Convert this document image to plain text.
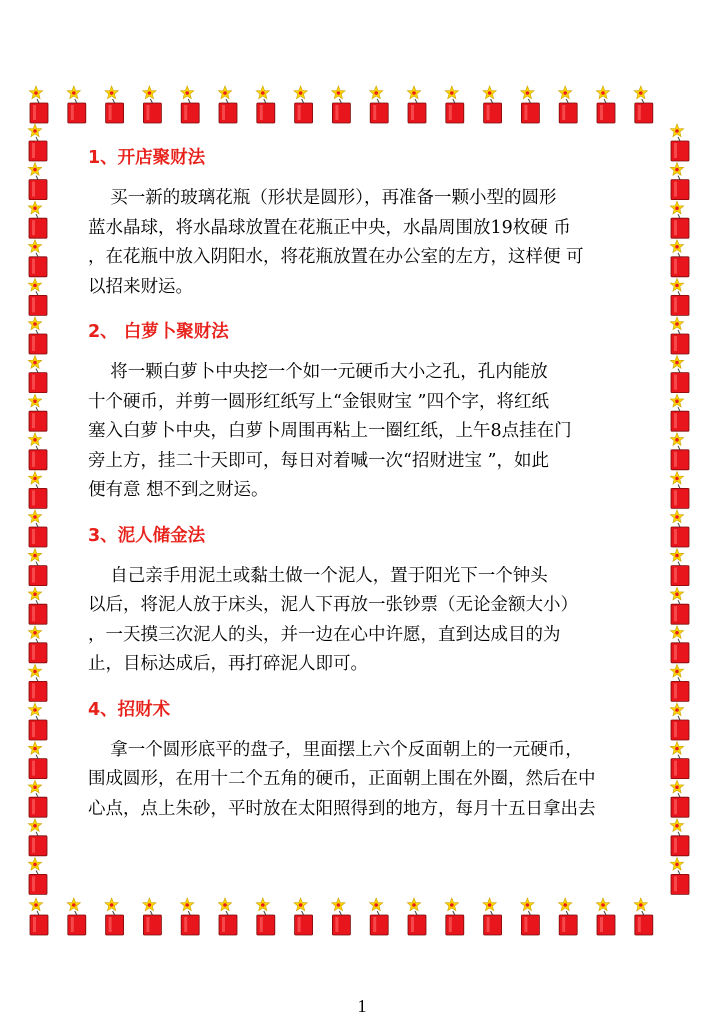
1、开店聚财法
买一新的玻璃花瓶（形状是圆形），再准备一颗小型的圆形
蓝水晶球，将水晶球放置在花瓶正中央，水晶周围放19枚硬 币
，在花瓶中放入阴阳水，将花瓶放置在办公室的左方，这样便 可
以招来财运。
2、 白萝卜聚财法
将一颗白萝卜中央挖一个如一元硬币大小之孔，孔内能放
十个硬币，并剪一圆形红纸写上“金银财宝 ”四个字，将红纸
塞入白萝卜中央，白萝卜周围再粘上一圈红纸，上午8点挂在门
旁上方，挂二十天即可，每日对着喊一次“招财进宝 ”，如此
便有意 想不到之财运。
3、泥人储金法
自己亲手用泥土或黏土做一个泥人，置于阳光下一个钟头
以后，将泥人放于床头，泥人下再放一张钞票（无论金额大小）
，一天摸三次泥人的头，并一边在心中许愿，直到达成目的为
止，目标达成后，再打碎泥人即可。
4、招财术
拿一个圆形底平的盘子，里面摆上六个反面朝上的一元硬币，
围成圆形，在用十二个五角的硬币，正面朝上围在外圈，然后在中
心点，点上朱砂，平时放在太阳照得到的地方，每月十五日拿出去
1
